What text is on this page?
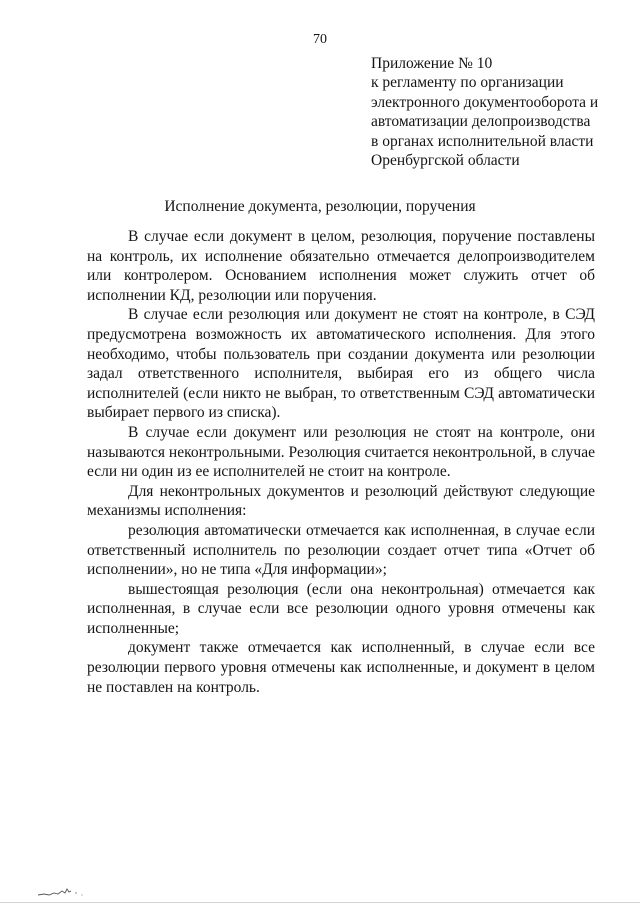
70
Приложение № 10
к регламенту по организации
электронного документооборота и
автоматизации делопроизводства
в органах исполнительной власти
Оренбургской области
Исполнение документа, резолюции, поручения

В случае если документ в целом, резолюция, поручение поставлены на контроль, их исполнение обязательно отмечается делопроизводителем или контролером. Основанием исполнения может служить отчет об исполнении КД, резолюции или поручения.

В случае если резолюция или документ не стоят на контроле, в СЭД предусмотрена возможность их автоматического исполнения. Для этого необходимо, чтобы пользователь при создании документа или резолюции задал ответственного исполнителя, выбирая его из общего числа исполнителей (если никто не выбран, то ответственным СЭД автоматически выбирает первого из списка).

В случае если документ или резолюция не стоят на контроле, они называются неконтрольными. Резолюция считается неконтрольной, в случае если ни один из ее исполнителей не стоит на контроле.

Для неконтрольных документов и резолюций действуют следующие механизмы исполнения:

резолюция автоматически отмечается как исполненная, в случае если ответственный исполнитель по резолюции создает отчет типа «Отчет об исполнении», но не типа «Для информации»;

вышестоящая резолюция (если она неконтрольная) отмечается как исполненная, в случае если все резолюции одного уровня отмечены как исполненные;

документ также отмечается как исполненный, в случае если все резолюции первого уровня отмечены как исполненные, и документ в целом не поставлен на контроль.
